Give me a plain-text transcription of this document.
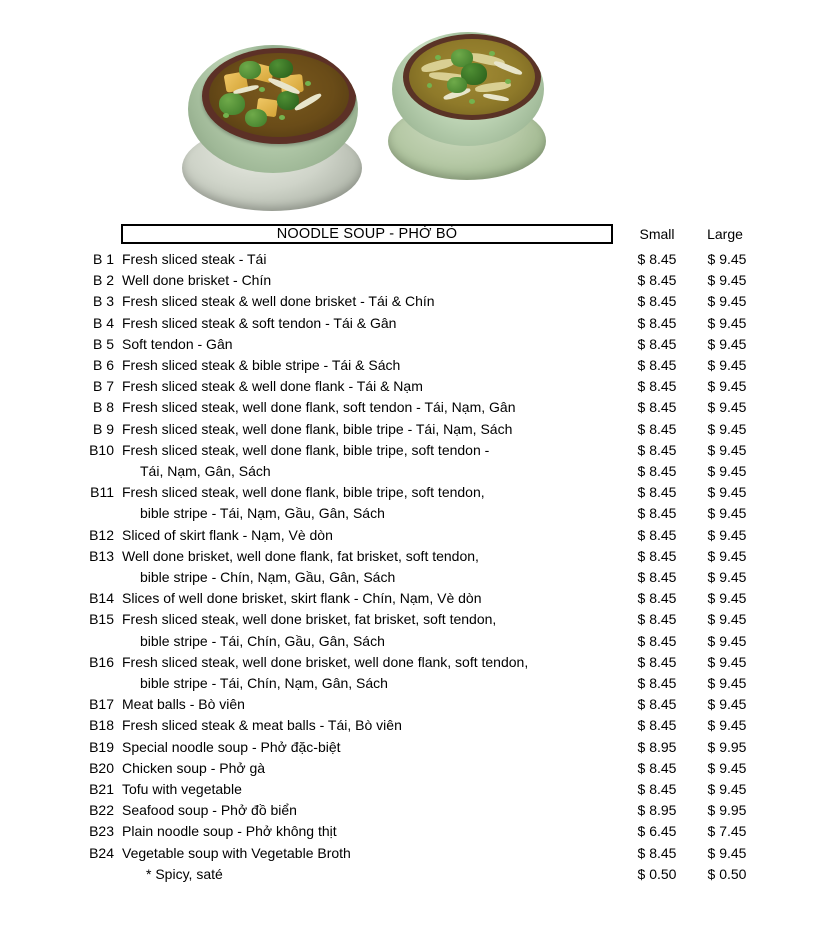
NOODLE SOUP - PHỞ BÒ	Small	Large
	B 1		Fresh sliced steak - Tái	$ 8.45	$ 9.45	
	B 2		Well done brisket - Chín	$ 8.45	$ 9.45	
	B 3		Fresh sliced steak & well done brisket - Tái & Chín	$ 8.45	$ 9.45	
	B 4		Fresh sliced steak & soft tendon - Tái & Gân	$ 8.45	$ 9.45	
	B 5		Soft tendon - Gân	$ 8.45	$ 9.45	
	B 6		Fresh sliced steak & bible stripe - Tái & Sách	$ 8.45	$ 9.45	
	B 7		Fresh sliced steak & well done flank - Tái & Nạm	$ 8.45	$ 9.45	
	B 8		Fresh sliced steak, well done flank, soft tendon - Tái, Nạm, Gân	$ 8.45	$ 9.45	
	B 9		Fresh sliced steak, well done flank, bible tripe - Tái, Nạm, Sách	$ 8.45	$ 9.45	
	B10		Fresh sliced steak, well done flank, bible tripe, soft tendon -	$ 8.45	$ 9.45	
			Tái, Nạm, Gân, Sách	$ 8.45	$ 9.45	
	B11		Fresh sliced steak, well done flank, bible tripe, soft tendon,	$ 8.45	$ 9.45	
			bible stripe - Tái, Nạm, Gầu, Gân, Sách	$ 8.45	$ 9.45	
	B12		Sliced of skirt flank - Nạm, Vè dòn	$ 8.45	$ 9.45	
	B13		Well done brisket, well done flank, fat brisket, soft tendon,	$ 8.45	$ 9.45	
			bible stripe - Chín, Nạm, Gầu, Gân, Sách	$ 8.45	$ 9.45	
	B14		Slices of well done brisket, skirt flank - Chín, Nạm, Vè dòn	$ 8.45	$ 9.45	
	B15		Fresh sliced steak, well done brisket, fat brisket, soft tendon,	$ 8.45	$ 9.45	
			bible stripe - Tái, Chín, Gầu, Gân, Sách	$ 8.45	$ 9.45	
	B16		Fresh sliced steak, well done brisket, well done flank, soft tendon,	$ 8.45	$ 9.45	
			bible stripe - Tái, Chín, Nạm, Gân, Sách	$ 8.45	$ 9.45	
	B17		Meat balls - Bò viên	$ 8.45	$ 9.45	
	B18		Fresh sliced steak & meat balls - Tái, Bò viên	$ 8.45	$ 9.45	
	B19		Special noodle soup - Phở đặc-biệt	$ 8.95	$ 9.95	
	B20		Chicken soup - Phở gà	$ 8.45	$ 9.45	
	B21		Tofu with vegetable	$ 8.45	$ 9.45	
	B22		Seafood soup - Phở đồ biển	$ 8.95	$ 9.95	
	B23		Plain noodle soup - Phở không thịt	$ 6.45	$ 7.45	
	B24		Vegetable soup with Vegetable Broth	$ 8.45	$ 9.45	
			* Spicy, saté	$ 0.50	$ 0.50	
